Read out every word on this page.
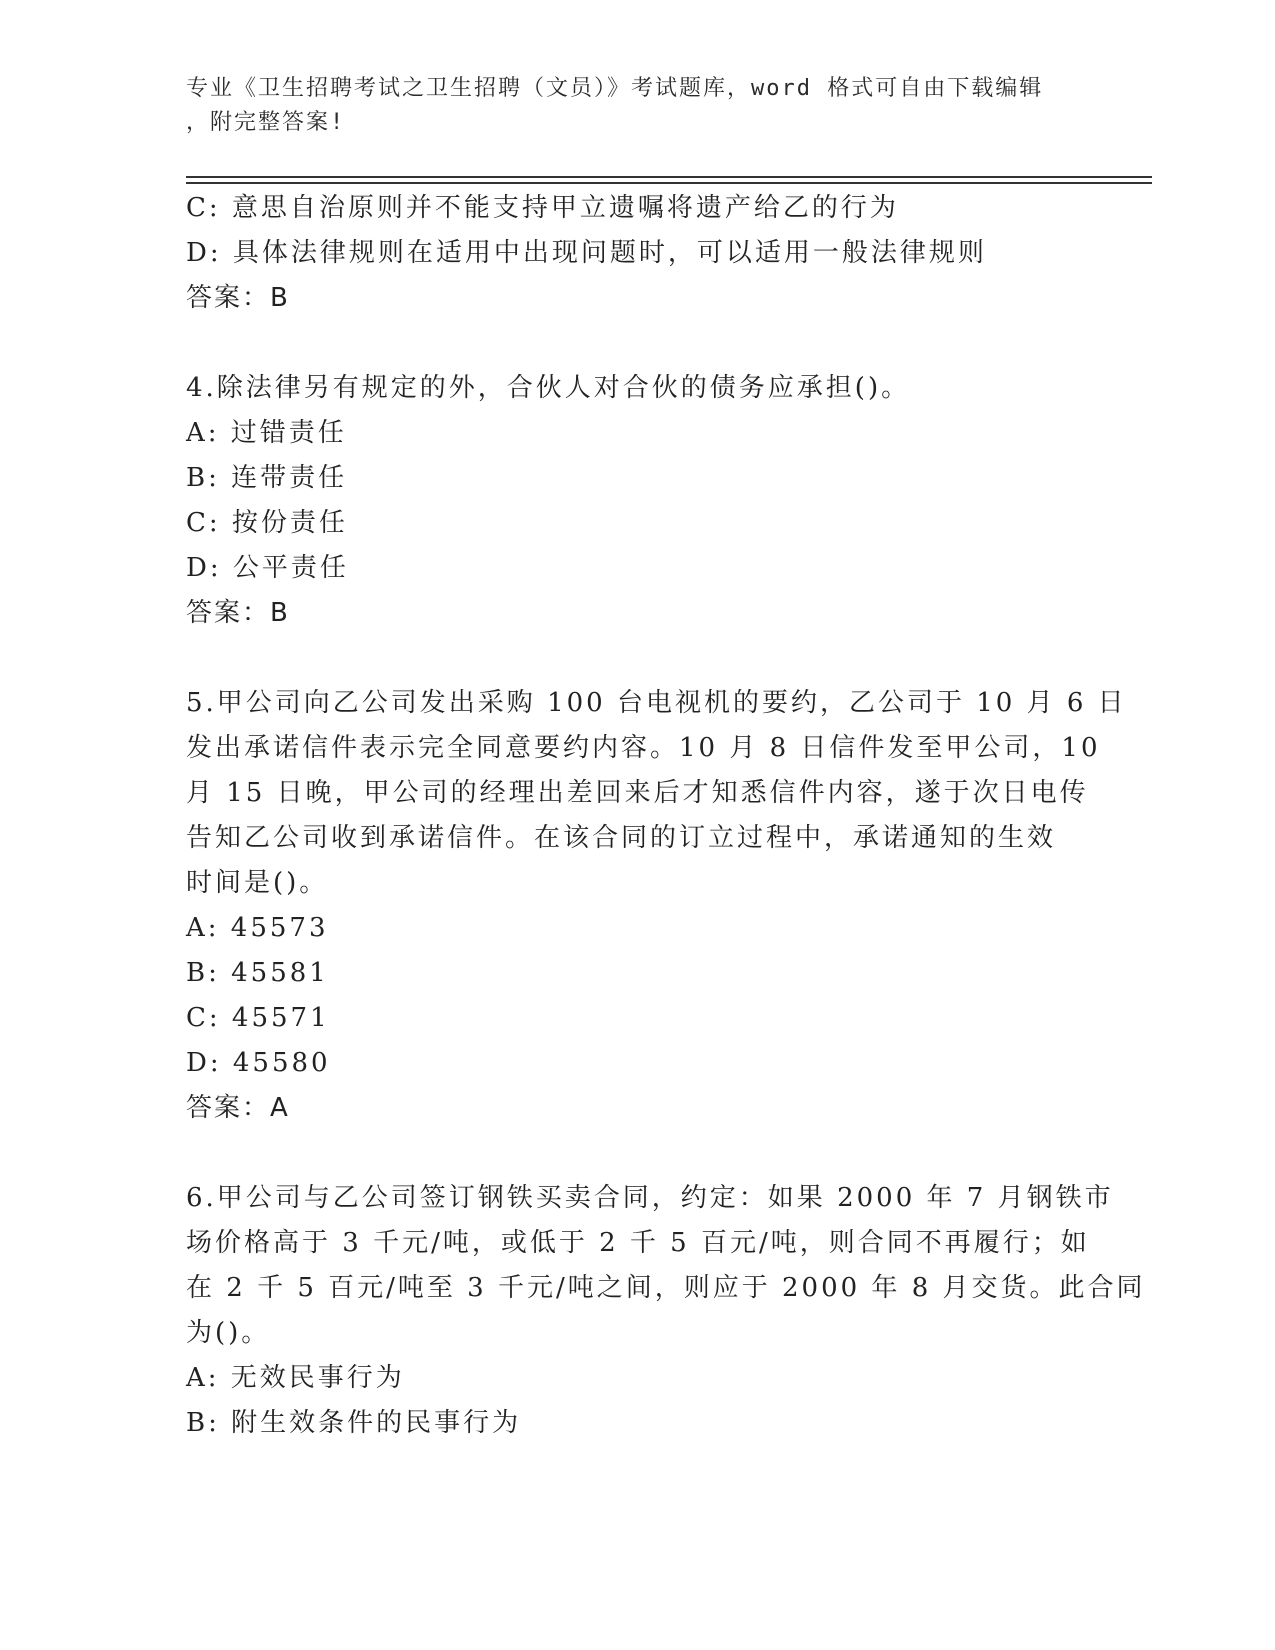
专业《卫生招聘考试之卫生招聘（文员）》考试题库，word 格式可自由下载编辑
，附完整答案!
C: 意思自治原则并不能支持甲立遗嘱将遗产给乙的行为
D: 具体法律规则在适用中出现问题时，可以适用一般法律规则
答案：B
4.除法律另有规定的外，合伙人对合伙的债务应承担()。
A: 过错责任
B: 连带责任
C: 按份责任
D: 公平责任
答案：B
5.甲公司向乙公司发出采购 100 台电视机的要约，乙公司于 10 月 6 日
发出承诺信件表示完全同意要约内容。10 月 8 日信件发至甲公司，10
月 15 日晚，甲公司的经理出差回来后才知悉信件内容，遂于次日电传
告知乙公司收到承诺信件。在该合同的订立过程中，承诺通知的生效
时间是()。
A: 45573
B: 45581
C: 45571
D: 45580
答案：A
6.甲公司与乙公司签订钢铁买卖合同，约定：如果 2000 年 7 月钢铁市
场价格高于 3 千元/吨，或低于 2 千 5 百元/吨，则合同不再履行；如
在 2 千 5 百元/吨至 3 千元/吨之间，则应于 2000 年 8 月交货。此合同
为()。
A: 无效民事行为
B: 附生效条件的民事行为
